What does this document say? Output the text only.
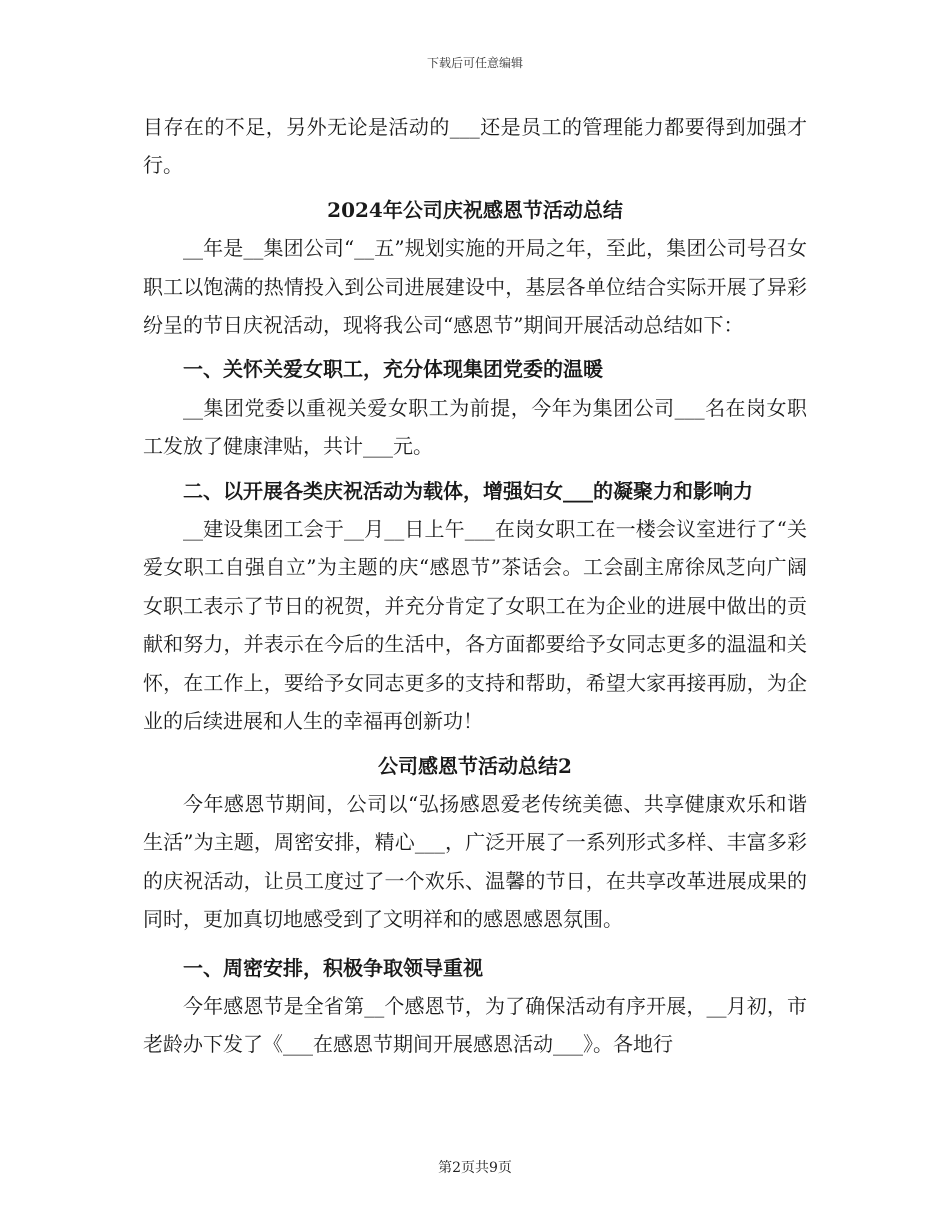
下载后可任意编辑

目存在的不足，另外无论是活动的___还是员工的管理能力都要得到加强才行。

2024年公司庆祝感恩节活动总结

__年是__集团公司“__五”规划实施的开局之年，至此，集团公司号召女职工以饱满的热情投入到公司进展建设中，基层各单位结合实际开展了异彩纷呈的节日庆祝活动，现将我公司“感恩节”期间开展活动总结如下：

一、关怀关爱女职工，充分体现集团党委的温暖

__集团党委以重视关爱女职工为前提，今年为集团公司___名在岗女职工发放了健康津贴，共计___元。

二、以开展各类庆祝活动为载体，增强妇女___的凝聚力和影响力

__建设集团工会于__月__日上午___在岗女职工在一楼会议室进行了“关爱女职工自强自立”为主题的庆“感恩节”茶话会。工会副主席徐凤芝向广阔女职工表示了节日的祝贺，并充分肯定了女职工在为企业的进展中做出的贡献和努力，并表示在今后的生活中，各方面都要给予女同志更多的温温和关怀，在工作上，要给予女同志更多的支持和帮助，希望大家再接再励，为企业的后续进展和人生的幸福再创新功！

公司感恩节活动总结2

今年感恩节期间，公司以“弘扬感恩爱老传统美德、共享健康欢乐和谐生活”为主题，周密安排，精心___，广泛开展了一系列形式多样、丰富多彩的庆祝活动，让员工度过了一个欢乐、温馨的节日，在共享改革进展成果的同时，更加真切地感受到了文明祥和的感恩感恩氛围。

一、周密安排，积极争取领导重视

今年感恩节是全省第__个感恩节，为了确保活动有序开展，__月初，市老龄办下发了《___在感恩节期间开展感恩活动___》。各地行

第2页共9页
